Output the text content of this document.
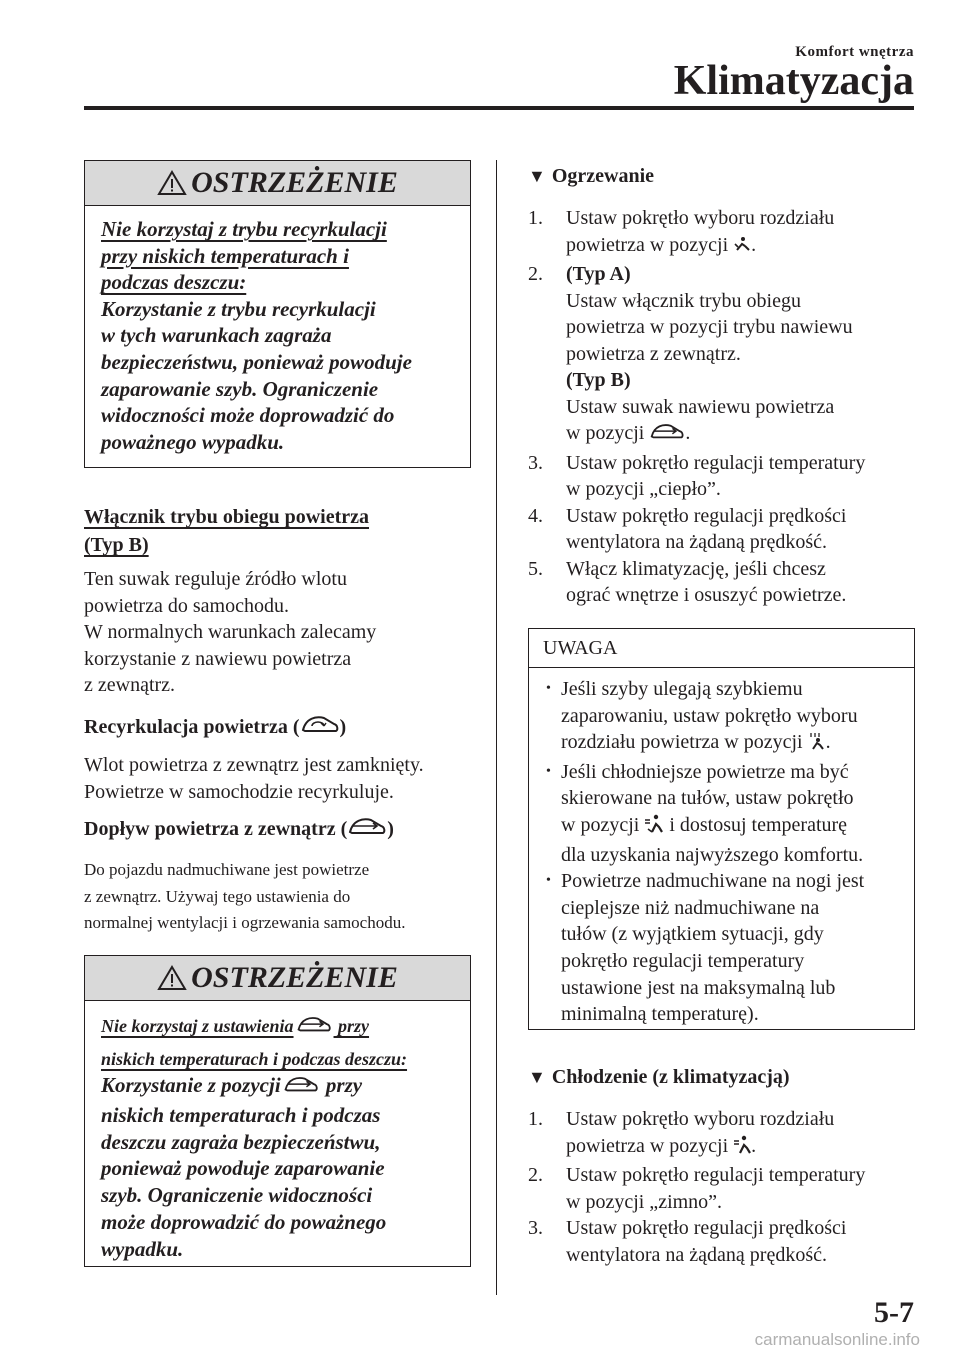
Komfort wnętrza
Klimatyzacja
OSTRZEŻENIE
Nie korzystaj z trybu recyrkulacji
przy niskich temperaturach i
podczas deszczu:
Korzystanie z trybu recyrkulacji
w tych warunkach zagraża
bezpieczeństwu, ponieważ powoduje
zaparowanie szyb. Ograniczenie
widoczności może doprowadzić do
poważnego wypadku.
Włącznik trybu obiegu powietrza
(Typ B)
Ten suwak reguluje źródło wlotu
powietrza do samochodu.
W normalnych warunkach zalecamy
korzystanie z nawiewu powietrza
z zewnątrz.
Recyrkulacja powietrza ( )
Wlot powietrza z zewnątrz jest zamknięty.
Powietrze w samochodzie recyrkuluje.
Dopływ powietrza z zewnątrz ( )
Do pojazdu nadmuchiwane jest powietrze
z zewnątrz. Używaj tego ustawienia do
normalnej wentylacji i ogrzewania samochodu.
OSTRZEŻENIE
Nie korzystaj z ustawienia przy
niskich temperaturach i podczas deszczu:
Korzystanie z pozycji przy
niskich temperaturach i podczas
deszczu zagraża bezpieczeństwu,
ponieważ powoduje zaparowanie
szyb. Ograniczenie widoczności
może doprowadzić do poważnego
wypadku.
▼ Ogrzewanie
1. Ustaw pokrętło wyboru rozdziału
powietrza w pozycji .
2. (Typ A)
Ustaw włącznik trybu obiegu
powietrza w pozycji trybu nawiewu
powietrza z zewnątrz.
(Typ B)
Ustaw suwak nawiewu powietrza
w pozycji .
3. Ustaw pokrętło regulacji temperatury
w pozycji „ciepło”.
4. Ustaw pokrętło regulacji prędkości
wentylatora na żądaną prędkość.
5. Włącz klimatyzację, jeśli chcesz
ograć wnętrze i osuszyć powietrze.
UWAGA
• Jeśli szyby ulegają szybkiemu
zaparowaniu, ustaw pokrętło wyboru
rozdziału powietrza w pozycji .
• Jeśli chłodniejsze powietrze ma być
skierowane na tułów, ustaw pokrętło
w pozycji  i dostosuj temperaturę
dla uzyskania najwyższego komfortu.
• Powietrze nadmuchiwane na nogi jest
cieplejsze niż nadmuchiwane na
tułów (z wyjątkiem sytuacji, gdy
pokrętło regulacji temperatury
ustawione jest na maksymalną lub
minimalną temperaturę).
▼ Chłodzenie (z klimatyzacją)
1. Ustaw pokrętło wyboru rozdziału
powietrza w pozycji .
2. Ustaw pokrętło regulacji temperatury
w pozycji „zimno”.
3. Ustaw pokrętło regulacji prędkości
wentylatora na żądaną prędkość.
5-7
carmanualsonline.info
